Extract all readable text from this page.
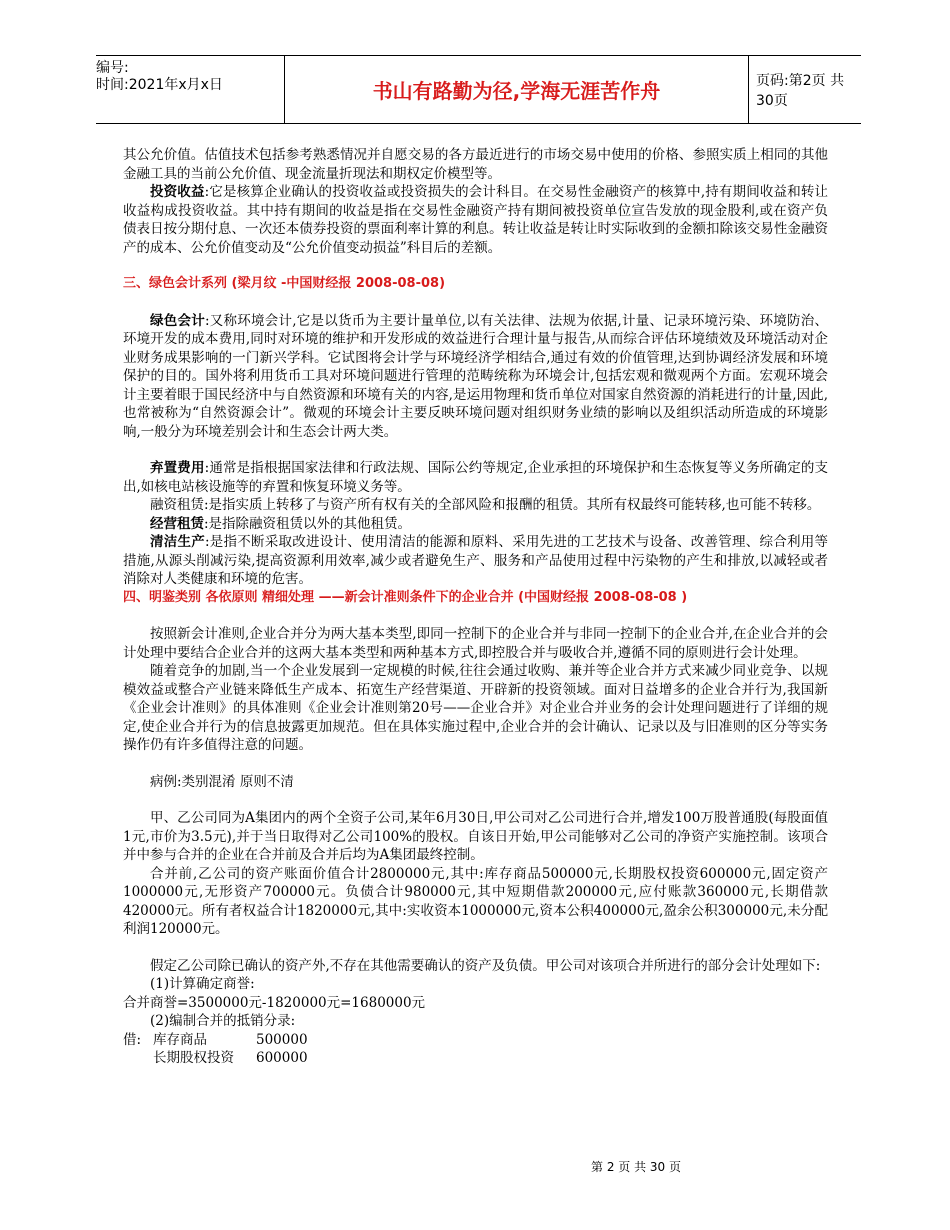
编号:
时间:2021年x月x日	书山有路勤为径,学海无涯苦作舟	页码:第2页 共30页

其公允价值。估值技术包括参考熟悉情况并自愿交易的各方最近进行的市场交易中使用的价格、参照实质上相同的其他金融工具的当前公允价值、现金流量折现法和期权定价模型等。

投资收益:它是核算企业确认的投资收益或投资损失的会计科目。在交易性金融资产的核算中,持有期间收益和转让收益构成投资收益。其中持有期间的收益是指在交易性金融资产持有期间被投资单位宣告发放的现金股利,或在资产负债表日按分期付息、一次还本债券投资的票面利率计算的利息。转让收益是转让时实际收到的金额扣除该交易性金融资产的成本、公允价值变动及“公允价值变动损益”科目后的差额。

三、绿色会计系列 (梁月纹 -中国财经报 2008-08-08)

绿色会计:又称环境会计,它是以货币为主要计量单位,以有关法律、法规为依据,计量、记录环境污染、环境防治、环境开发的成本费用,同时对环境的维护和开发形成的效益进行合理计量与报告,从而综合评估环境绩效及环境活动对企业财务成果影响的一门新兴学科。它试图将会计学与环境经济学相结合,通过有效的价值管理,达到协调经济发展和环境保护的目的。国外将利用货币工具对环境问题进行管理的范畴统称为环境会计,包括宏观和微观两个方面。宏观环境会计主要着眼于国民经济中与自然资源和环境有关的内容,是运用物理和货币单位对国家自然资源的消耗进行的计量,因此,也常被称为“自然资源会计”。微观的环境会计主要反映环境问题对组织财务业绩的影响以及组织活动所造成的环境影响,一般分为环境差别会计和生态会计两大类。

弃置费用:通常是指根据国家法律和行政法规、国际公约等规定,企业承担的环境保护和生态恢复等义务所确定的支出,如核电站核设施等的弃置和恢复环境义务等。

融资租赁:是指实质上转移了与资产所有权有关的全部风险和报酬的租赁。其所有权最终可能转移,也可能不转移。

经营租赁:是指除融资租赁以外的其他租赁。

清洁生产:是指不断采取改进设计、使用清洁的能源和原料、采用先进的工艺技术与设备、改善管理、综合利用等措施,从源头削减污染,提高资源利用效率,减少或者避免生产、服务和产品使用过程中污染物的产生和排放,以减轻或者消除对人类健康和环境的危害。

四、明鉴类别 各依原则 精细处理 ——新会计准则条件下的企业合并 (中国财经报 2008-08-08 )

按照新会计准则,企业合并分为两大基本类型,即同一控制下的企业合并与非同一控制下的企业合并,在企业合并的会计处理中要结合企业合并的这两大基本类型和两种基本方式,即控股合并与吸收合并,遵循不同的原则进行会计处理。

随着竞争的加剧,当一个企业发展到一定规模的时候,往往会通过收购、兼并等企业合并方式来减少同业竞争、以规模效益或整合产业链来降低生产成本、拓宽生产经营渠道、开辟新的投资领域。面对日益增多的企业合并行为,我国新《企业会计准则》的具体准则《企业会计准则第20号——企业合并》对企业合并业务的会计处理问题进行了详细的规定,使企业合并行为的信息披露更加规范。但在具体实施过程中,企业合并的会计确认、记录以及与旧准则的区分等实务操作仍有许多值得注意的问题。

病例:类别混淆 原则不清

甲、乙公司同为A集团内的两个全资子公司,某年6月30日,甲公司对乙公司进行合并,增发100万股普通股(每股面值1元,市价为3.5元),并于当日取得对乙公司100%的股权。自该日开始,甲公司能够对乙公司的净资产实施控制。该项合并中参与合并的企业在合并前及合并后均为A集团最终控制。

合并前,乙公司的资产账面价值合计2800000元,其中:库存商品500000元,长期股权投资600000元,固定资产1000000元,无形资产700000元。负债合计980000元,其中短期借款200000元,应付账款360000元,长期借款420000元。所有者权益合计1820000元,其中:实收资本1000000元,资本公积400000元,盈余公积300000元,未分配利润120000元。

假定乙公司除已确认的资产外,不存在其他需要确认的资产及负债。甲公司对该项合并所进行的部分会计处理如下:

(1)计算确定商誉:

合并商誉=3500000元-1820000元=1680000元

(2)编制合并的抵销分录:

借: 库存商品	500000
长期股权投资	600000
第 2 页 共 30 页
